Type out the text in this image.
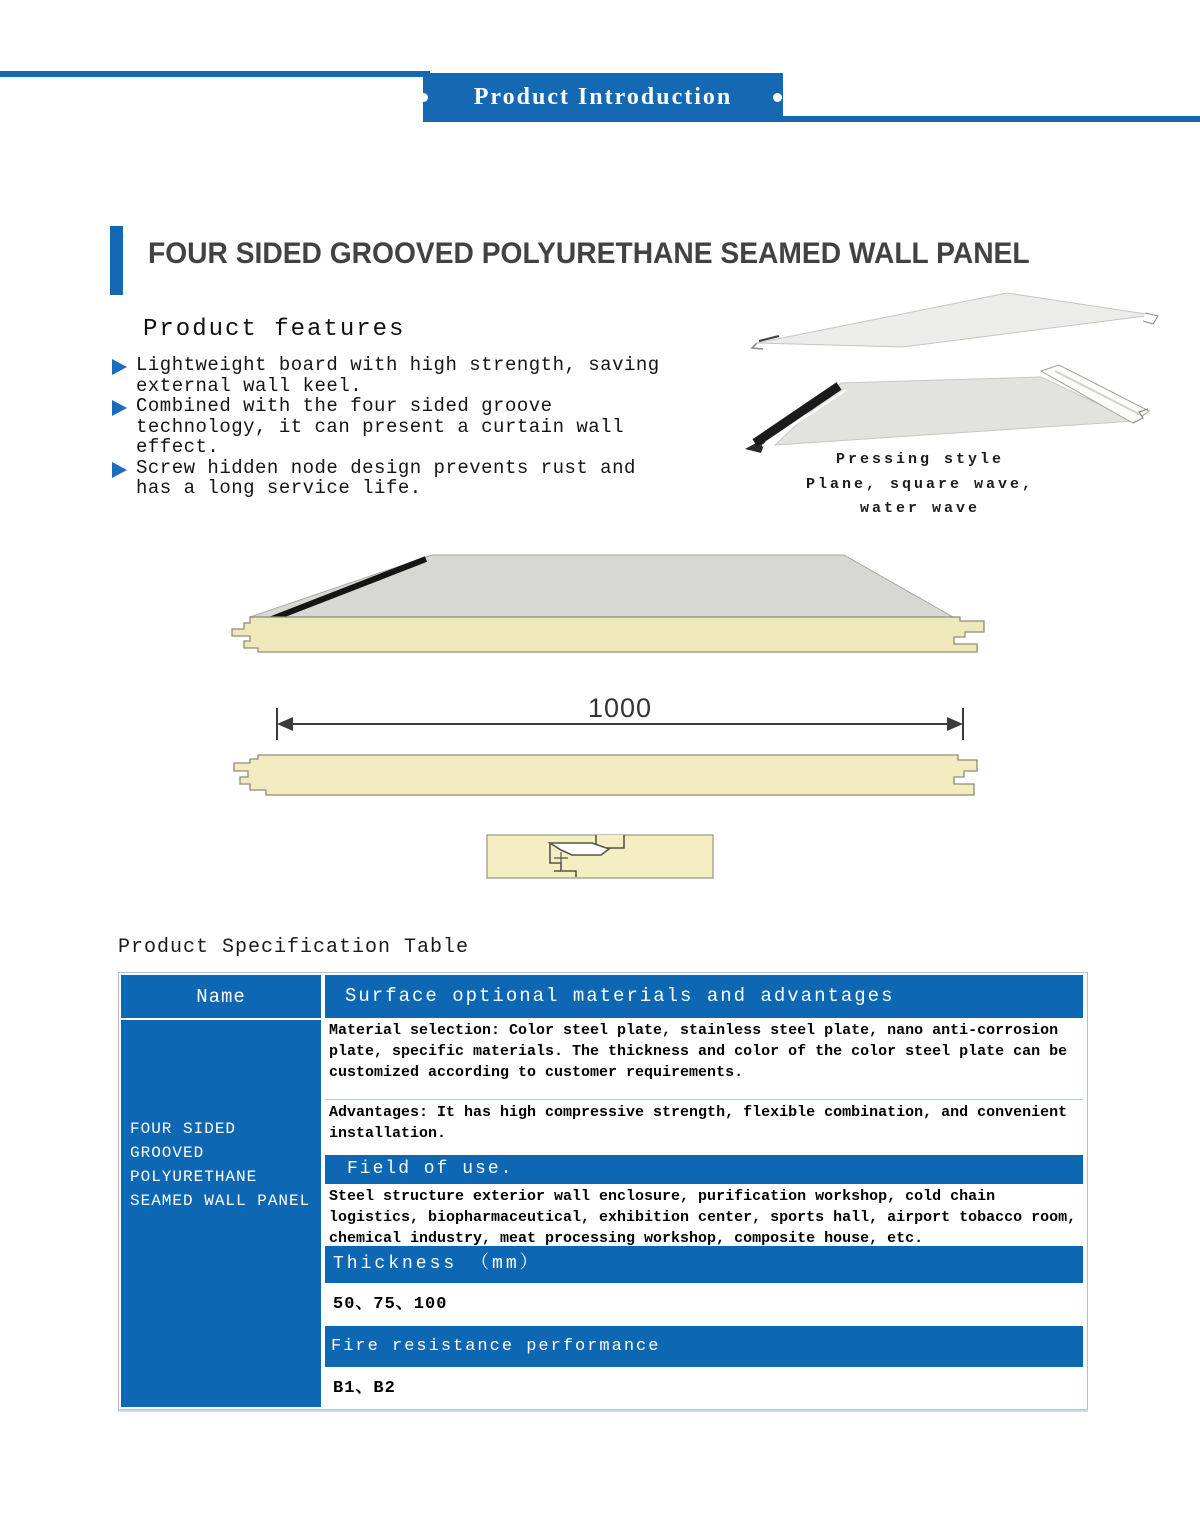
Product Introduction
FOUR SIDED GROOVED POLYURETHANE SEAMED WALL PANEL
Product features
Lightweight board with high strength, saving
external wall keel.
Combined with the four sided groove
technology, it can present a curtain wall
effect.
Screw hidden node design prevents rust and
has a long service life.
Pressing style
Plane, square wave,
water wave
1000
Product Specification Table
Name
FOUR SIDED
GROOVED
POLYURETHANE
SEAMED WALL PANEL
Surface optional materials and advantages
Material selection: Color steel plate, stainless steel plate, nano anti-corrosion plate, specific materials. The thickness and color of the color steel plate can be customized according to customer requirements.
Advantages: It has high compressive strength, flexible combination, and convenient installation.
Field of use.
Steel structure exterior wall enclosure, purification workshop, cold chain logistics, biopharmaceutical, exhibition center, sports hall, airport tobacco room, chemical industry, meat processing workshop, composite house, etc.
Thickness （mm）
50、75、100
Fire resistance performance
B1、B2
